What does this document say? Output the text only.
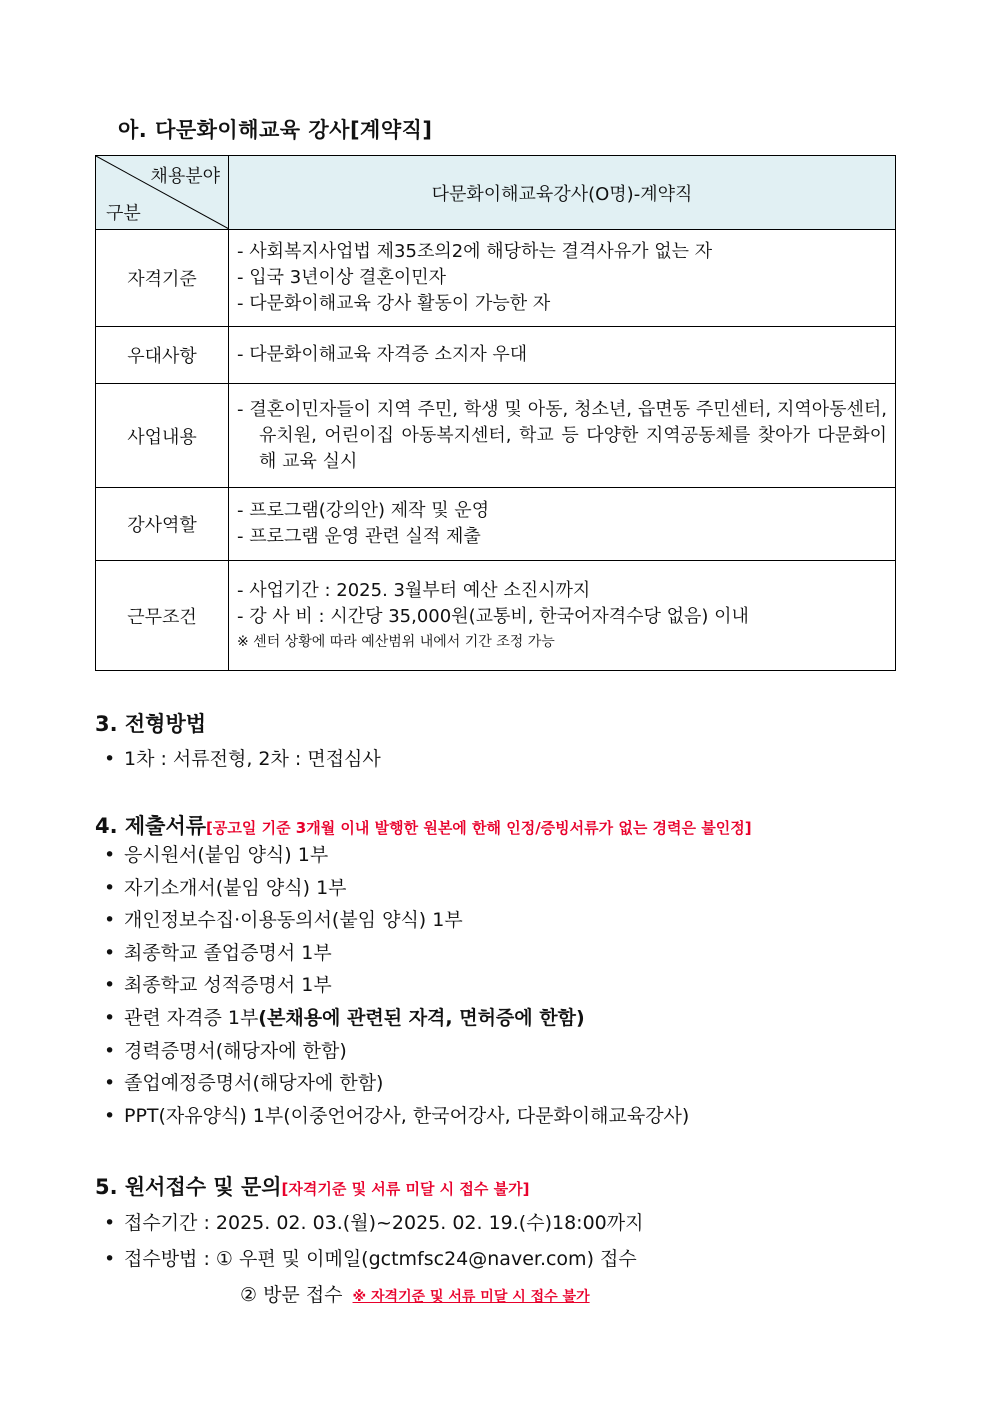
아. 다문화이해교육 강사[계약직]
채용분야
구분	다문화이해교육강사(O명)-계약직
자격기준	- 사회복지사업법 제35조의2에 해당하는 결격사유가 없는 자
- 입국 3년이상 결혼이민자
- 다문화이해교육 강사 활동이 가능한 자

우대사항	- 다문화이해교육 자격증 소지자 우대

사업내용	- 결혼이민자들이 지역 주민, 학생 및 아동, 청소년, 읍면동 주민센터, 지역아동센터, 유치원, 어린이집 아동복지센터, 학교 등 다양한 지역공동체를 찾아가 다문화이해 교육 실시

강사역할	- 프로그램(강의안) 제작 및 운영
- 프로그램 운영 관련 실적 제출

근무조건	- 사업기간 : 2025. 3월부터 예산 소진시까지
- 강 사 비 : 시간당 35,000원(교통비, 한국어자격수당 없음) 이내
※ 센터 상황에 따라 예산범위 내에서 기간 조정 가능
3. 전형방법
• 1차 : 서류전형, 2차 : 면접심사
4. 제출서류[공고일 기준 3개월 이내 발행한 원본에 한해 인정/증빙서류가 없는 경력은 불인정]
• 응시원서(붙임 양식) 1부
• 자기소개서(붙임 양식) 1부
• 개인정보수집·이용동의서(붙임 양식) 1부
• 최종학교 졸업증명서 1부
• 최종학교 성적증명서 1부
• 관련 자격증 1부(본채용에 관련된 자격, 면허증에 한함)
• 경력증명서(해당자에 한함)
• 졸업예정증명서(해당자에 한함)
• PPT(자유양식) 1부(이중언어강사, 한국어강사, 다문화이해교육강사)
5. 원서접수 및 문의[자격기준 및 서류 미달 시 접수 불가]
• 접수기간 : 2025. 02. 03.(월)~2025. 02. 19.(수)18:00까지
• 접수방법 : ① 우편 및 이메일(gctmfsc24@naver.com) 접수
② 방문 접수 ※ 자격기준 및 서류 미달 시 접수 불가
